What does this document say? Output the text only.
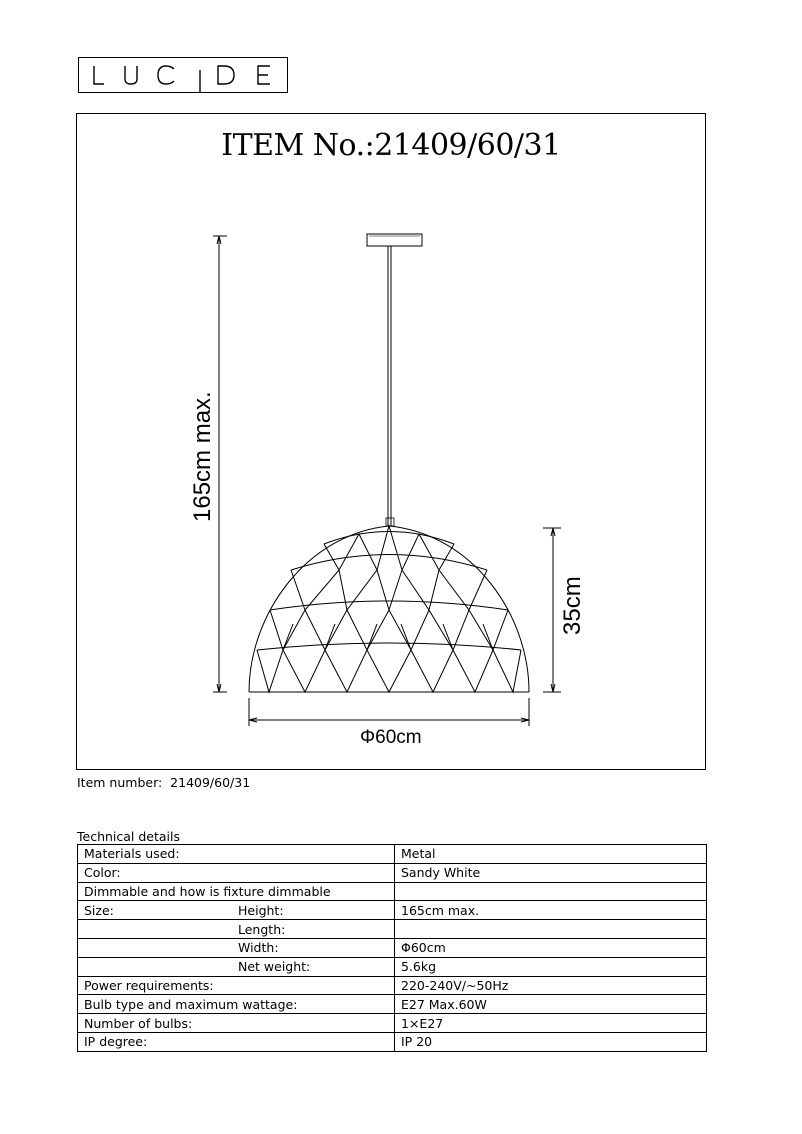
ITEM No.:21409/60/31
165cm max.
35cm
Φ60cm
Item number: 21409/60/31
Technical details
Materials used:	Metal
Color:	Sandy White
Dimmable and how is fixture dimmable	
Size: Height:	165cm max.
Length:	
Width:	Φ60cm
Net weight:	5.6kg
Power requirements:	220-240V/~50Hz
Bulb type and maximum wattage:	E27 Max.60W
Number of bulbs:	1×E27
IP degree:	IP 20
